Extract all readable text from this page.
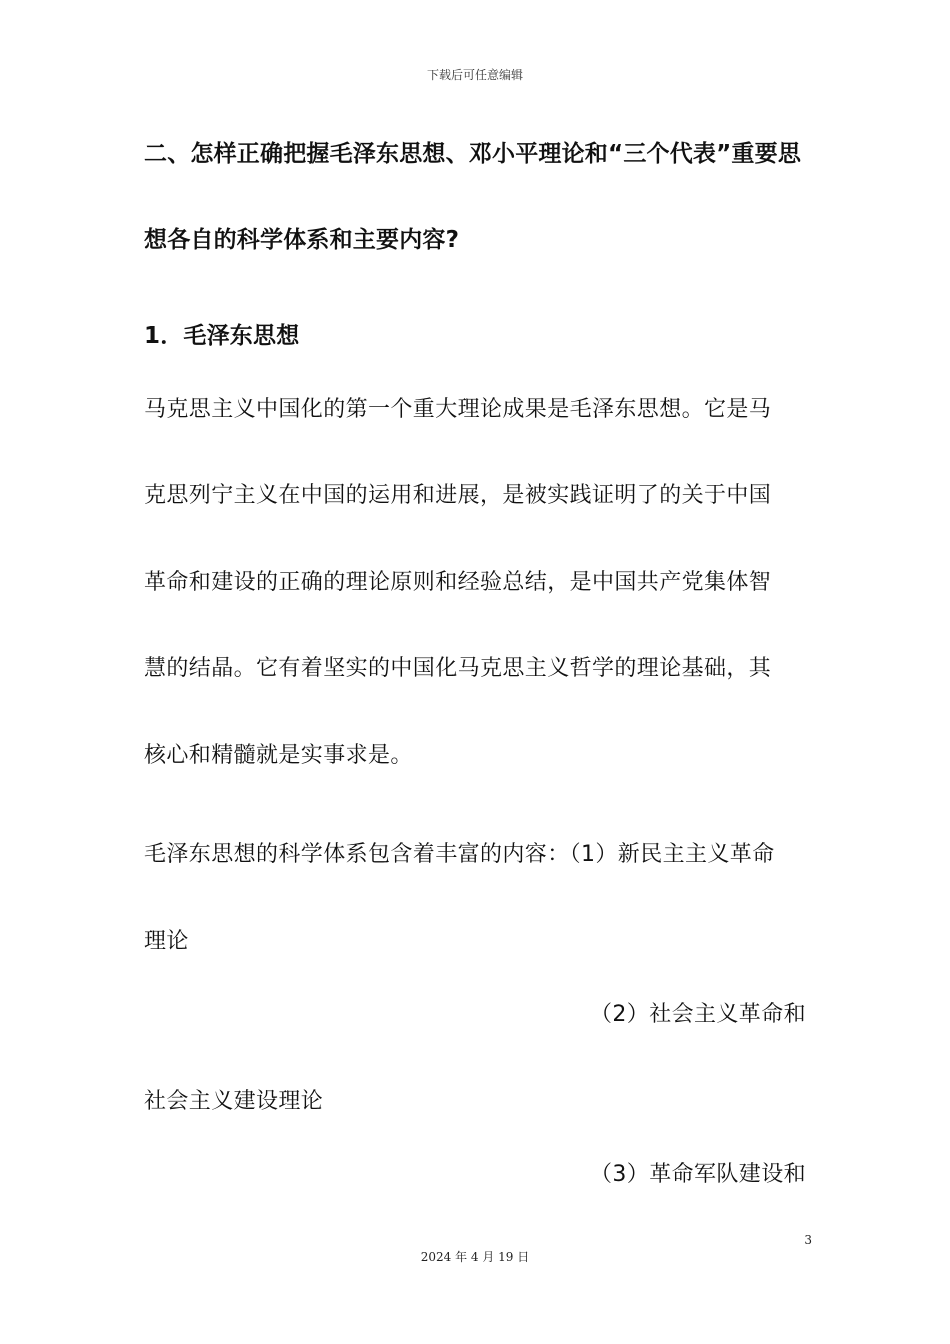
下载后可任意编辑
二、怎样正确把握毛泽东思想、邓小平理论和“三个代表”重要思
想各自的科学体系和主要内容?
1．毛泽东思想
马克思主义中国化的第一个重大理论成果是毛泽东思想。它是马
克思列宁主义在中国的运用和进展，是被实践证明了的关于中国
革命和建设的正确的理论原则和经验总结，是中国共产党集体智
慧的结晶。它有着坚实的中国化马克思主义哲学的理论基础，其
核心和精髓就是实事求是。
毛泽东思想的科学体系包含着丰富的内容：（1）新民主主义革命
理论
（2）社会主义革命和
社会主义建设理论
（3）革命军队建设和
3
2024 年 4 月 19 日
